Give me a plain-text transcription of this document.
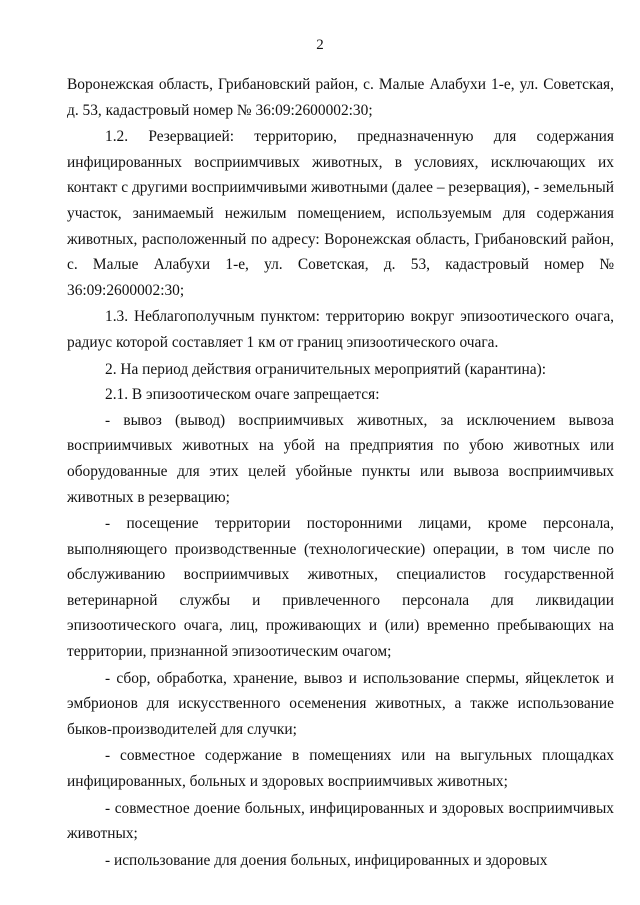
2

Воронежская область, Грибановский район, с. Малые Алабухи 1-е, ул. Советская, д. 53, кадастровый номер № 36:09:2600002:30;

1.2. Резервацией: территорию, предназначенную для содержания инфицированных восприимчивых животных, в условиях, исключающих их контакт с другими восприимчивыми животными (далее – резервация), - земельный участок, занимаемый нежилым помещением, используемым для содержания животных, расположенный по адресу: Воронежская область, Грибановский район, с. Малые Алабухи 1-е, ул. Советская, д. 53, кадастровый номер № 36:09:2600002:30;

1.3. Неблагополучным пунктом: территорию вокруг эпизоотического очага, радиус которой составляет 1 км от границ эпизоотического очага.

2. На период действия ограничительных мероприятий (карантина):

2.1. В эпизоотическом очаге запрещается:

- вывоз (вывод) восприимчивых животных, за исключением вывоза восприимчивых животных на убой на предприятия по убою животных или оборудованные для этих целей убойные пункты или вывоза восприимчивых животных в резервацию;

- посещение территории посторонними лицами, кроме персонала, выполняющего производственные (технологические) операции, в том числе по обслуживанию восприимчивых животных, специалистов государственной ветеринарной службы и привлеченного персонала для ликвидации эпизоотического очага, лиц, проживающих и (или) временно пребывающих на территории, признанной эпизоотическим очагом;

- сбор, обработка, хранение, вывоз и использование спермы, яйцеклеток и эмбрионов для искусственного осеменения животных, а также использование быков-производителей для случки;

- совместное содержание в помещениях или на выгульных площадках инфицированных, больных и здоровых восприимчивых животных;

- совместное доение больных, инфицированных и здоровых восприимчивых животных;

- использование для доения больных, инфицированных и здоровых
